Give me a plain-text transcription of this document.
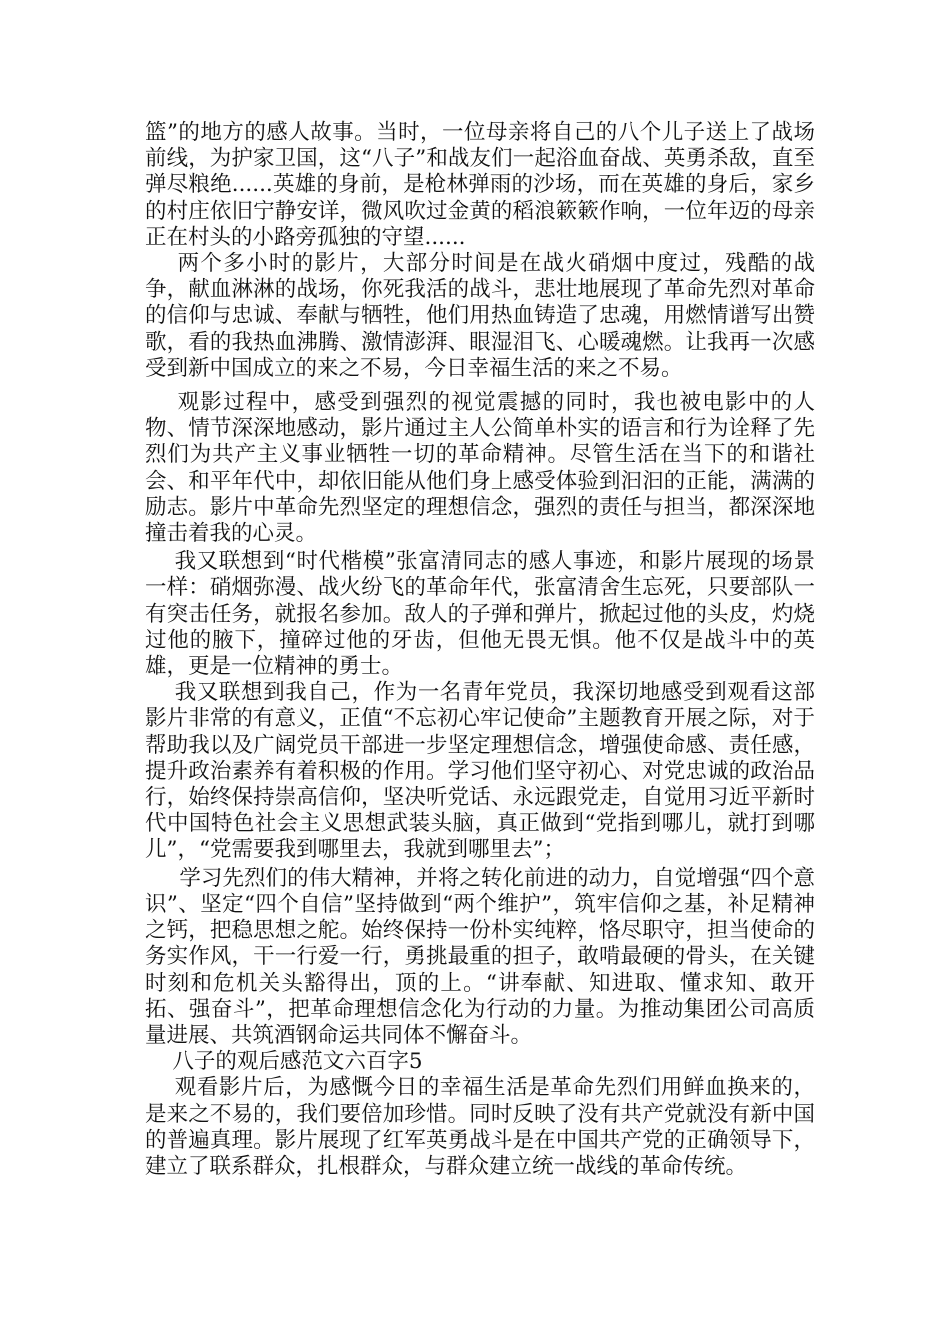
篮”的地方的感人故事。当时，一位母亲将自己的八个儿子送上了战场前线，为护家卫国，这“八子”和战友们一起浴血奋战、英勇杀敌，直至弹尽粮绝......英雄的身前，是枪林弹雨的沙场，而在英雄的身后，家乡的村庄依旧宁静安详，微风吹过金黄的稻浪簌簌作响，一位年迈的母亲正在村头的小路旁孤独的守望......

两个多小时的影片，大部分时间是在战火硝烟中度过，残酷的战争，献血淋淋的战场，你死我活的战斗，悲壮地展现了革命先烈对革命的信仰与忠诚、奉献与牺牲，他们用热血铸造了忠魂，用燃情谱写出赞歌，看的我热血沸腾、激情澎湃、眼湿泪飞、心暖魂燃。让我再一次感受到新中国成立的来之不易，今日幸福生活的来之不易。

观影过程中，感受到强烈的视觉震撼的同时，我也被电影中的人物、情节深深地感动，影片通过主人公简单朴实的语言和行为诠释了先烈们为共产主义事业牺牲一切的革命精神。尽管生活在当下的和谐社会、和平年代中，却依旧能从他们身上感受体验到汩汩的正能，满满的励志。影片中革命先烈坚定的理想信念，强烈的责任与担当，都深深地撞击着我的心灵。

我又联想到“时代楷模”张富清同志的感人事迹，和影片展现的场景一样：硝烟弥漫、战火纷飞的革命年代，张富清舍生忘死，只要部队一有突击任务，就报名参加。敌人的子弹和弹片，掀起过他的头皮，灼烧过他的腋下，撞碎过他的牙齿，但他无畏无惧。他不仅是战斗中的英雄，更是一位精神的勇士。

我又联想到我自己，作为一名青年党员，我深切地感受到观看这部影片非常的有意义，正值“不忘初心牢记使命”主题教育开展之际，对于帮助我以及广阔党员干部进一步坚定理想信念，增强使命感、责任感，提升政治素养有着积极的作用。学习他们坚守初心、对党忠诚的政治品行，始终保持崇高信仰，坚决听党话、永远跟党走，自觉用习近平新时代中国特色社会主义思想武装头脑，真正做到“党指到哪儿，就打到哪儿”，“党需要我到哪里去，我就到哪里去”；

学习先烈们的伟大精神，并将之转化前进的动力，自觉增强“四个意识”、坚定“四个自信”坚持做到“两个维护”，筑牢信仰之基，补足精神之钙，把稳思想之舵。始终保持一份朴实纯粹，恪尽职守，担当使命的务实作风，干一行爱一行，勇挑最重的担子，敢啃最硬的骨头，在关键时刻和危机关头豁得出，顶的上。“讲奉献、知进取、懂求知、敢开拓、强奋斗”，把革命理想信念化为行动的力量。为推动集团公司高质量进展、共筑酒钢命运共同体不懈奋斗。

八子的观后感范文六百字5

观看影片后，为感慨今日的幸福生活是革命先烈们用鲜血换来的，是来之不易的，我们要倍加珍惜。同时反映了没有共产党就没有新中国的普遍真理。影片展现了红军英勇战斗是在中国共产党的正确领导下，建立了联系群众，扎根群众，与群众建立统一战线的革命传统。
